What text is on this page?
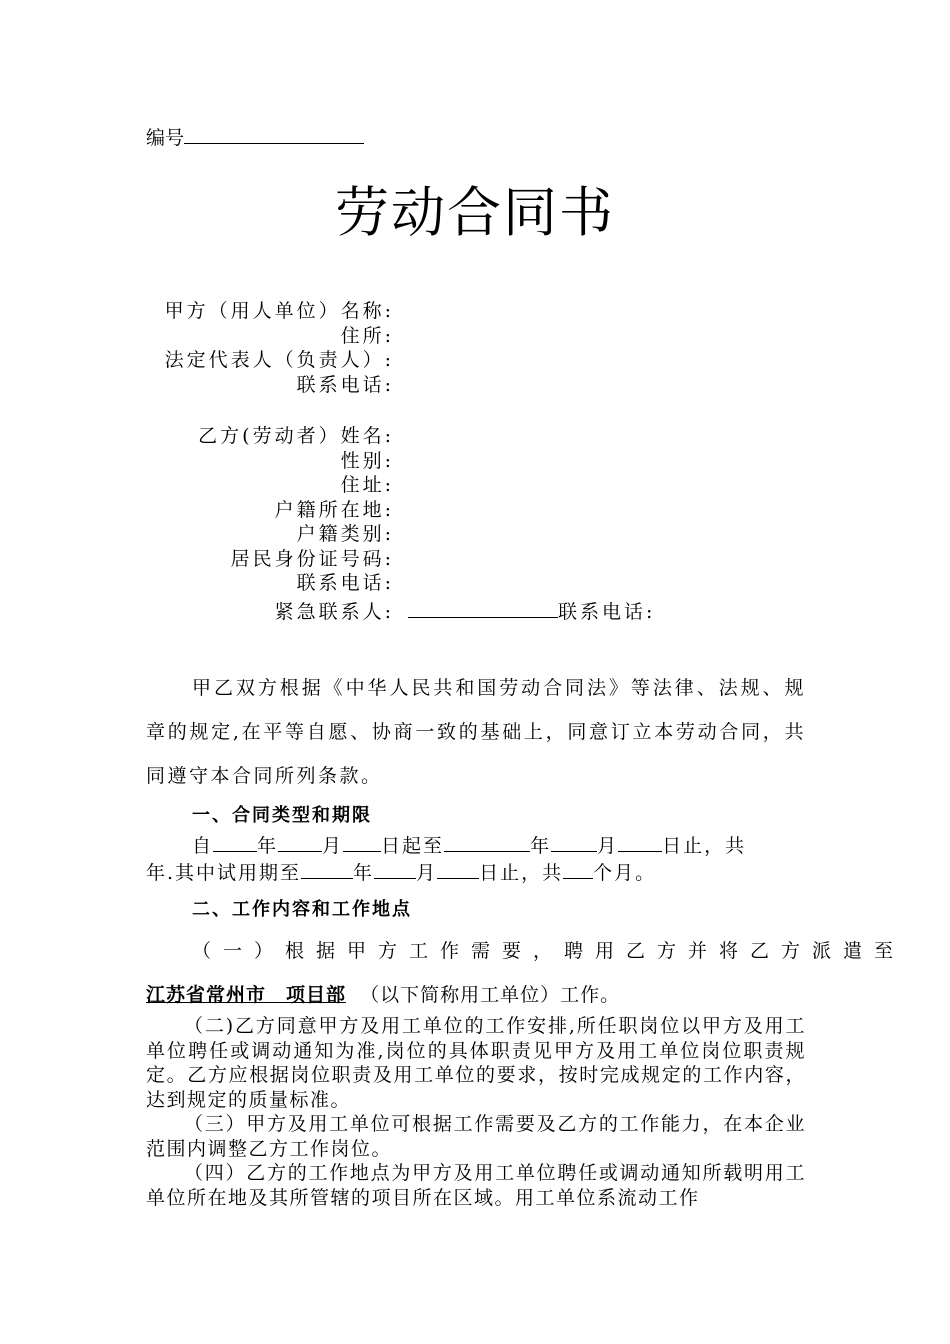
编号
劳动合同书
甲方（用人单位）名称:
住所:
法定代表人（负责人）:
联系电话:
乙方(劳动者）姓名:
性别:
住址:
户籍所在地:
户籍类别:
居民身份证号码:
联系电话:
紧急联系人:	联系电话:
甲乙双方根据《中华人民共和国劳动合同法》等法律、法规、规章的规定,在平等自愿、协商一致的基础上，同意订立本劳动合同，共同遵守本合同所列条款。
一、合同类型和期限
自 年 月 日起至	年 月 日止，共
年.其中试用期至	年 月 日止，共 个月。
二、工作内容和工作地点
（一）根据甲方工作需要，聘用乙方并将乙方派遣至
江苏省常州市　项目部 （以下简称用工单位）工作。
（二)乙方同意甲方及用工单位的工作安排,所任职岗位以甲方及用工单位聘任或调动通知为准,岗位的具体职责见甲方及用工单位岗位职责规定。乙方应根据岗位职责及用工单位的要求，按时完成规定的工作内容，达到规定的质量标准。
（三）甲方及用工单位可根据工作需要及乙方的工作能力，在本企业范围内调整乙方工作岗位。
（四）乙方的工作地点为甲方及用工单位聘任或调动通知所载明用工单位所在地及其所管辖的项目所在区域。用工单位系流动工作
